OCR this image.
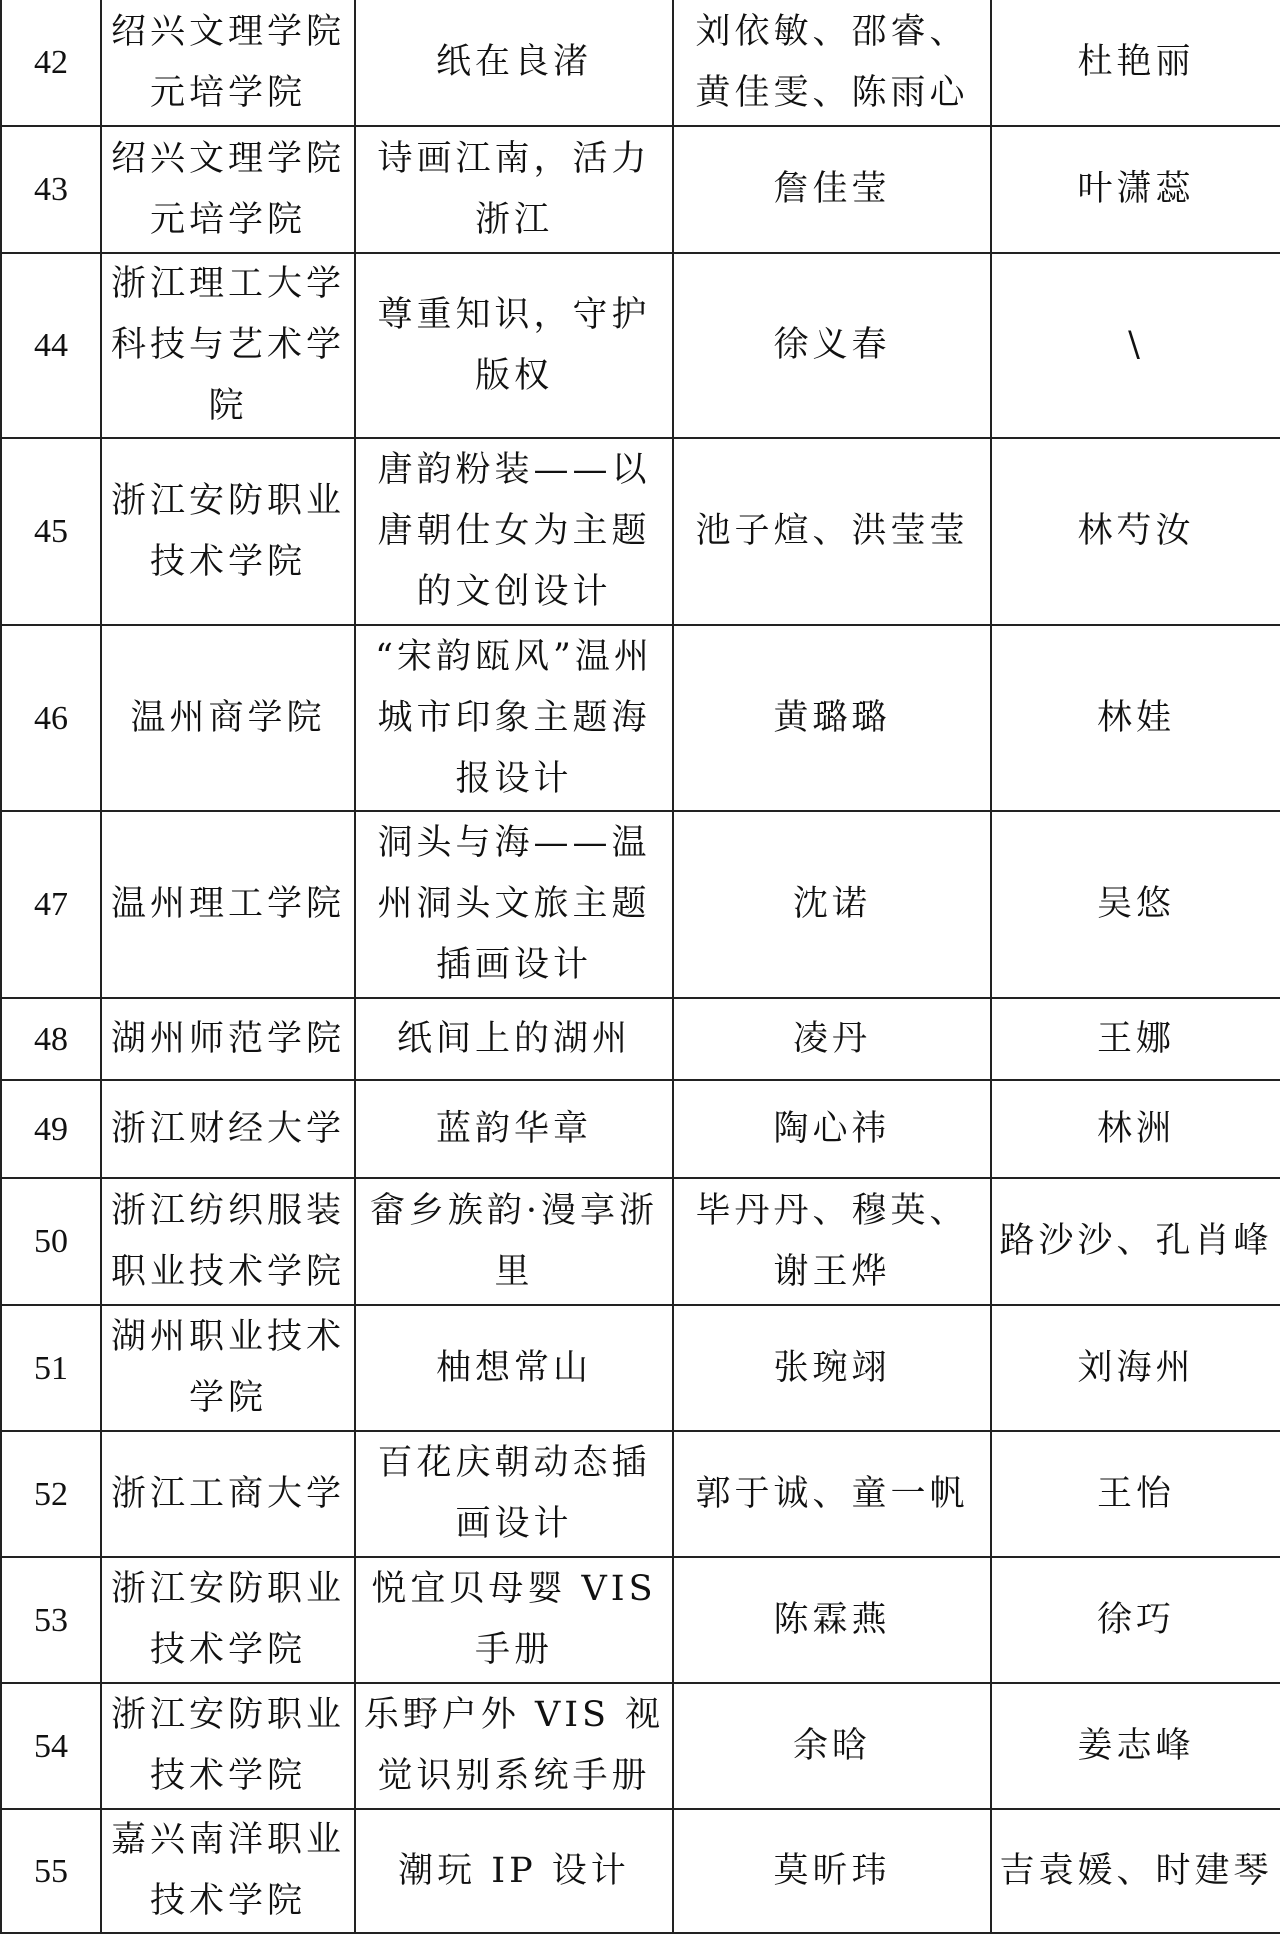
42	绍兴文理学院元培学院	纸在良渚	刘依敏、邵睿、黄佳雯、陈雨心	杜艳丽
43	绍兴文理学院元培学院	诗画江南，活力浙江	詹佳莹	叶潇蕊
44	浙江理工大学科技与艺术学院	尊重知识，守护版权	徐义春	\
45	浙江安防职业技术学院	唐韵粉装——以唐朝仕女为主题的文创设计	池子煊、洪莹莹	林芍汝
46	温州商学院	“宋韵瓯风”温州城市印象主题海报设计	黄璐璐	林娃
47	温州理工学院	洞头与海——温州洞头文旅主题插画设计	沈诺	吴悠
48	湖州师范学院	纸间上的湖州	凌丹	王娜
49	浙江财经大学	蓝韵华章	陶心祎	林洲
50	浙江纺织服装职业技术学院	畲乡族韵·漫享浙里	毕丹丹、穆英、谢王烨	路沙沙、孔肖峰
51	湖州职业技术学院	柚想常山	张琬翊	刘海州
52	浙江工商大学	百花庆朝动态插画设计	郭于诚、童一帆	王怡
53	浙江安防职业技术学院	悦宜贝母婴 VIS 手册	陈霖燕	徐巧
54	浙江安防职业技术学院	乐野户外 VIS 视觉识别系统手册	余晗	姜志峰
55	嘉兴南洋职业技术学院	潮玩 IP 设计	莫昕玮	吉袁媛、时建琴
